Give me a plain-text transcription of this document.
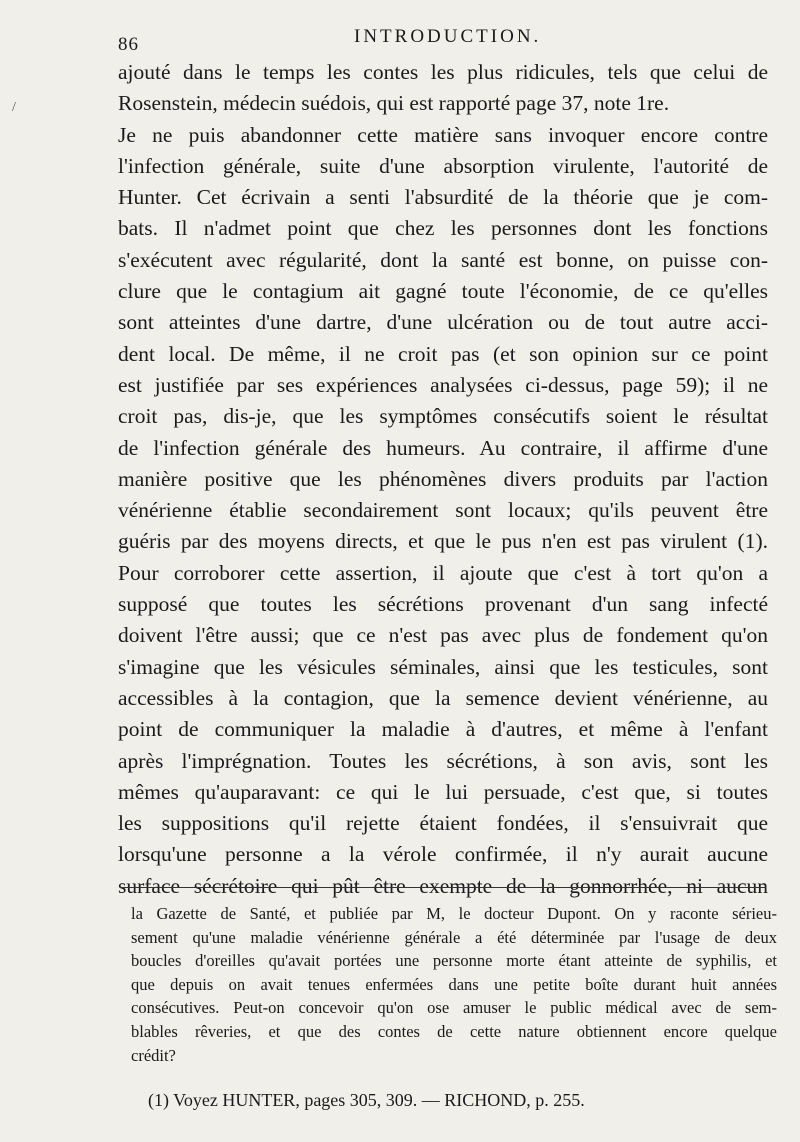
86	INTRODUCTION.
/
ajouté dans le temps les contes les plus ridicules, tels que celui de
Rosenstein, médecin suédois, qui est rapporté page 37, note 1re.
Je ne puis abandonner cette matière sans invoquer encore contre
l'infection générale, suite d'une absorption virulente, l'autorité de
Hunter. Cet écrivain a senti l'absurdité de la théorie que je com-
bats. Il n'admet point que chez les personnes dont les fonctions
s'exécutent avec régularité, dont la santé est bonne, on puisse con-
clure que le contagium ait gagné toute l'économie, de ce qu'elles
sont atteintes d'une dartre, d'une ulcération ou de tout autre acci-
dent local. De même, il ne croit pas (et son opinion sur ce point
est justifiée par ses expériences analysées ci-dessus, page 59); il ne
croit pas, dis-je, que les symptômes consécutifs soient le résultat
de l'infection générale des humeurs. Au contraire, il affirme d'une
manière positive que les phénomènes divers produits par l'action
vénérienne établie secondairement sont locaux; qu'ils peuvent être
guéris par des moyens directs, et que le pus n'en est pas virulent (1).
Pour corroborer cette assertion, il ajoute que c'est à tort qu'on a
supposé que toutes les sécrétions provenant d'un sang infecté
doivent l'être aussi; que ce n'est pas avec plus de fondement qu'on
s'imagine que les vésicules séminales, ainsi que les testicules, sont
accessibles à la contagion, que la semence devient vénérienne, au
point de communiquer la maladie à d'autres, et même à l'enfant
après l'imprégnation. Toutes les sécrétions, à son avis, sont les
mêmes qu'auparavant: ce qui le lui persuade, c'est que, si toutes
les suppositions qu'il rejette étaient fondées, il s'ensuivrait que
lorsqu'une personne a la vérole confirmée, il n'y aurait aucune
surface sécrétoire qui pût être exempte de la gonnorrhée, ni aucun
la Gazette de Santé, et publiée par M, le docteur Dupont. On y raconte sérieu-
sement qu'une maladie vénérienne générale a été déterminée par l'usage de deux
boucles d'oreilles qu'avait portées une personne morte étant atteinte de syphilis, et
que depuis on avait tenues enfermées dans une petite boîte durant huit années
consécutives. Peut-on concevoir qu'on ose amuser le public médical avec de sem-
blables rêveries, et que des contes de cette nature obtiennent encore quelque
crédit?
(1) Voyez HUNTER, pages 305, 309. — RICHOND, p. 255.
